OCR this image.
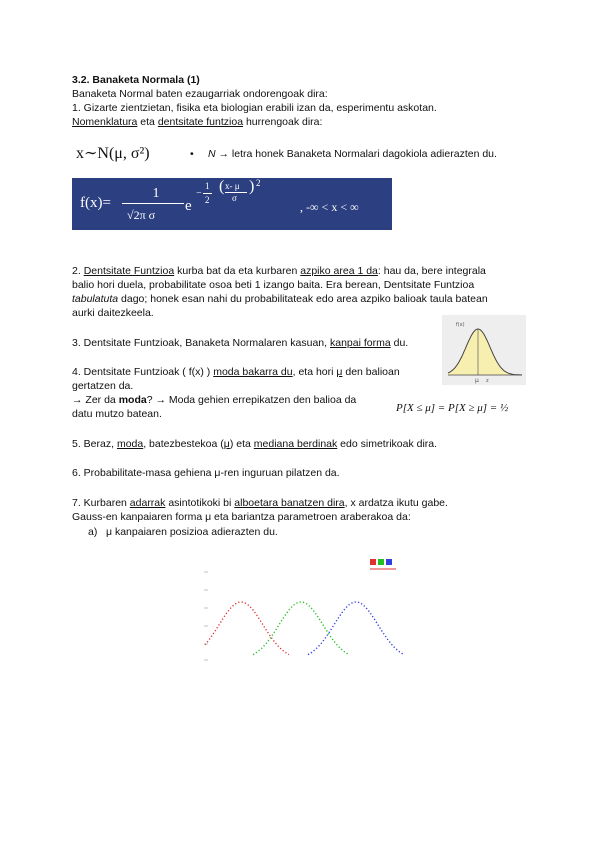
3.2. Banaketa Normala (1)
Banaketa Normal baten ezaugarriak ondorengoak dira:
1. Gizarte zientzietan, fisika eta biologian erabili izan da, esperimentu askotan.
Nomenklatura eta dentsitate funtzioa hurrengoak dira:
x∼N(μ, σ²)	• N → letra honek Banaketa Normalari dagokiola adierazten du.
f(x)=
1
√2π σ
e
−
1
2
( x- μ
σ
) 2
, -∞ < x < ∞
2. Dentsitate Funtzioa kurba bat da eta kurbaren azpiko area 1 da: hau da, bere integrala
balio hori duela, probabilitate osoa beti 1 izango baita. Era berean, Dentsitate Funtzioa
tabulatuta dago; honek esan nahi du probabilitateak edo area azpiko balioak taula batean
aurki daitezkeela.
3. Dentsitate Funtzioak, Banaketa Normalaren kasuan, kanpai forma du.
f(x)
μ z
4. Dentsitate Funtzioak ( f(x) ) moda bakarra du, eta hori μ den balioan
gertatzen da.
→ Zer da moda? → Moda gehien errepikatzen den balioa da
datu mutzo batean.	P[X ≤ μ] = P[X ≥ μ] = ½
5. Beraz, moda, batezbestekoa (μ) eta mediana berdinak edo simetrikoak dira.
6. Probabilitate-masa gehiena μ-ren inguruan pilatzen da.
7. Kurbaren adarrak asintotikoki bi alboetara banatzen dira, x ardatza ikutu gabe.
Gauss-en kanpaiaren forma μ eta bariantza parametroen araberakoa da:
a) μ kanpaiaren posizioa adierazten du.
